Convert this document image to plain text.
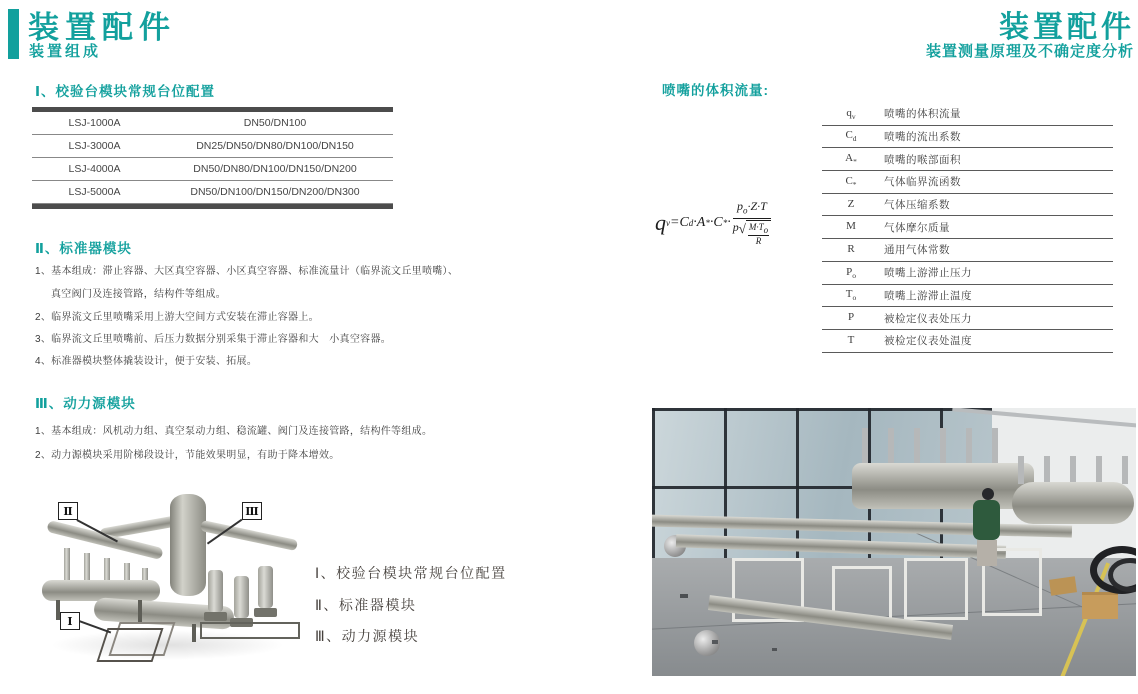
装置配件
装置组成
Ⅰ、校验台模块常规台位配置
LSJ-1000A	DN50/DN100
LSJ-3000A	DN25/DN50/DN80/DN100/DN150
LSJ-4000A	DN50/DN80/DN100/DN150/DN200
LSJ-5000A	DN50/DN100/DN150/DN200/DN300
Ⅱ、标准器模块
1、基本组成：滞止容器、大区真空容器、小区真空容器、标准流量计（临界流文丘里喷嘴）、
真空阀门及连接管路，结构件等组成。
2、临界流文丘里喷嘴采用上游大空间方式安装在滞止容器上。
3、临界流文丘里喷嘴前、后压力数据分别采集于滞止容器和大　小真空容器。
4、标准器模块整体撬装设计，便于安装、拓展。
Ⅲ、动力源模块
1、基本组成：风机动力组、真空泵动力组、稳流罐、阀门及连接管路，结构件等组成。
2、动力源模块采用阶梯段设计，节能效果明显，有助于降本增效。
Ⅱ	Ⅲ
Ⅰ
Ⅰ、校验台模块常规台位配置
Ⅱ、标准器模块
Ⅲ、动力源模块
装置配件
装置测量原理及不确定度分析
喷嘴的体积流量:
q v = C d · A * · C * · $\frac{p_o\cdot Z\cdot T}{p √ \frac{M\cdot T_o}{R}}$
$q_v$	喷嘴的体积流量
$C_d$	喷嘴的流出系数
$A_*$	喷嘴的喉部面积
$C_*$	气体临界流函数
Z	气体压缩系数
M	气体摩尔质量
R	通用气体常数
$P_o$	喷嘴上游滞止压力
$T_o$	喷嘴上游滞止温度
P	被检定仪表处压力
T	被检定仪表处温度
